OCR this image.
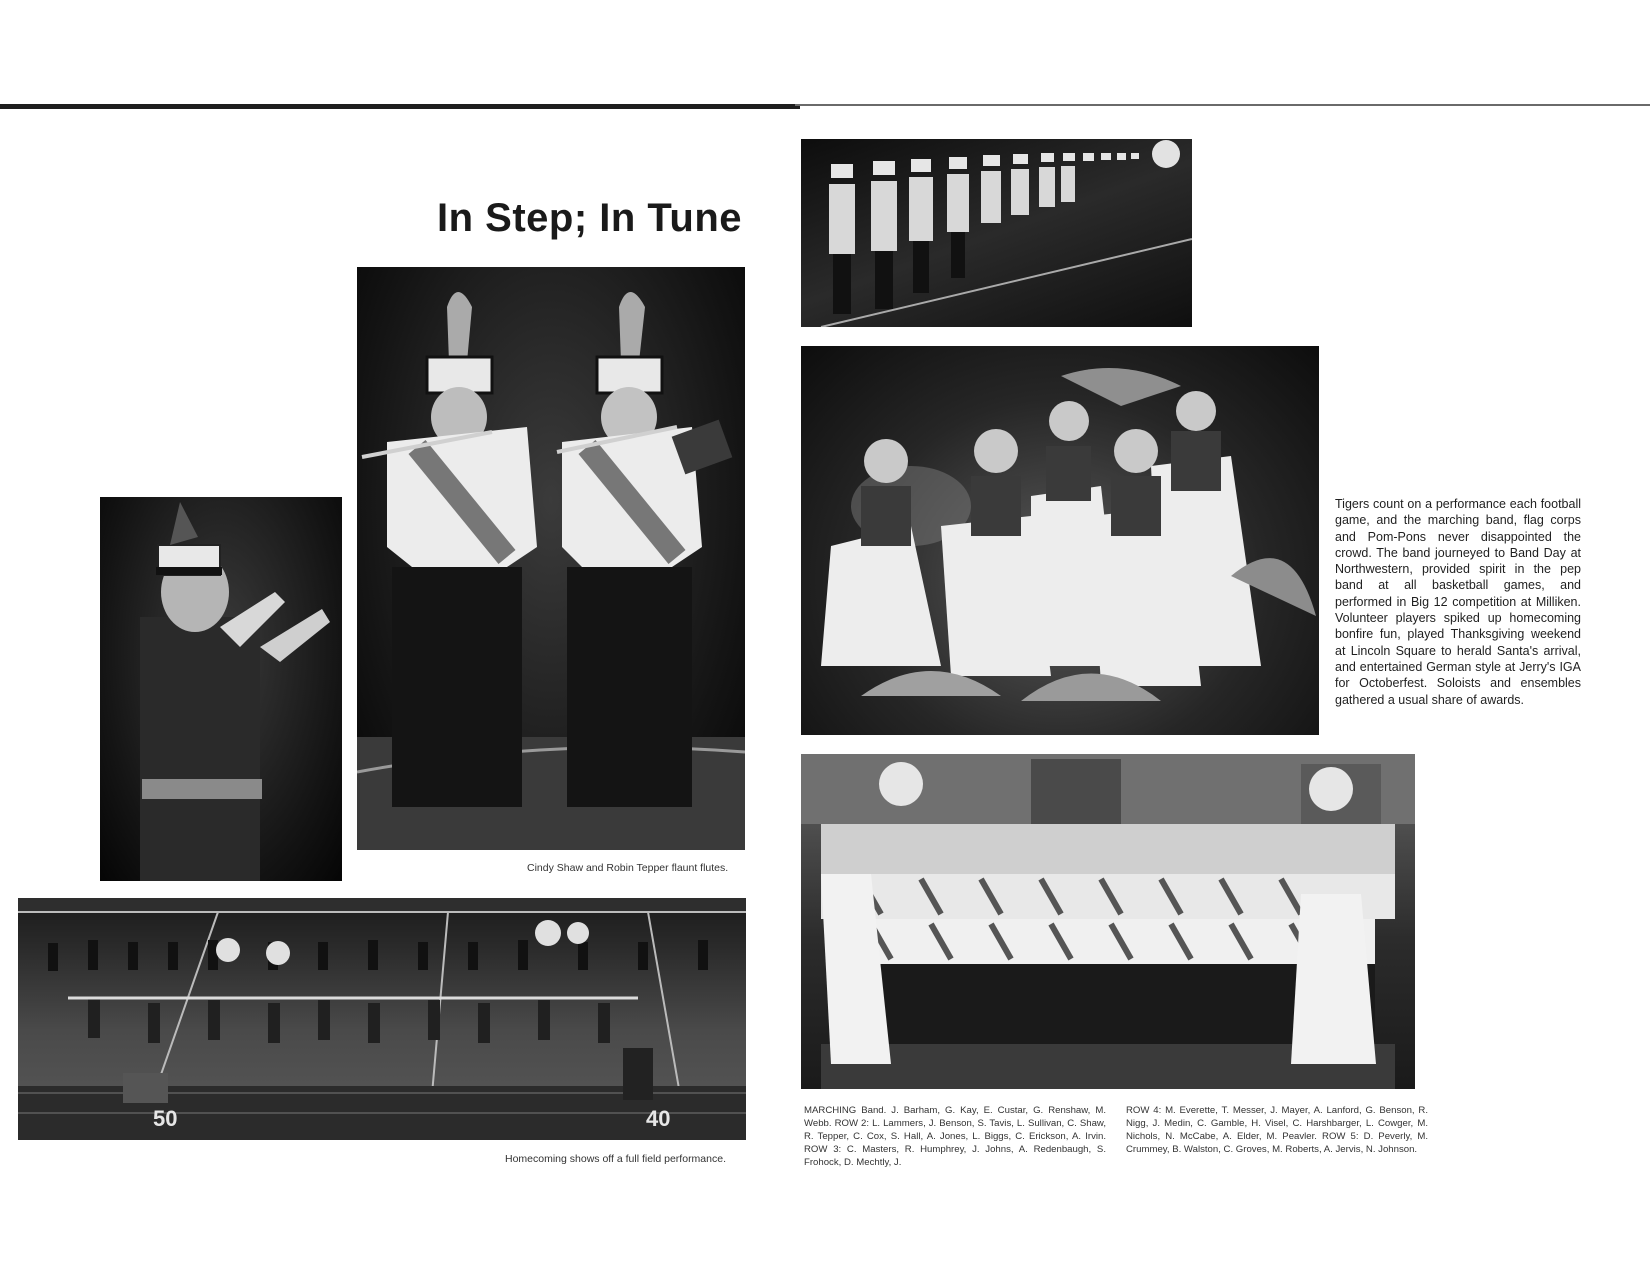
In Step; In Tune

Cindy Shaw and Robin Tepper flaunt flutes.

50	40

Homecoming shows off a full field performance.

Tigers count on a performance each football game, and the marching band, flag corps and Pom-Pons never disappointed the crowd. The band journeyed to Band Day at Northwestern, provided spirit in the pep band at all basketball games, and performed in Big 12 competition at Milliken. Volunteer players spiked up homecoming bonfire fun, played Thanksgiving weekend at Lincoln Square to herald Santa's arrival, and entertained German style at Jerry's IGA for Octoberfest. Soloists and ensembles gathered a usual share of awards.

MARCHING Band. J. Barham, G. Kay, E. Custar, G. Renshaw, M. Webb. ROW 2: L. Lammers, J. Benson, S. Tavis, L. Sullivan, C. Shaw, R. Tepper, C. Cox, S. Hall, A. Jones, L. Biggs, C. Erickson, A. Irvin. ROW 3: C. Masters, R. Humphrey, J. Johns, A. Redenbaugh, S. Frohock, D. Mechtly, J.

ROW 4: M. Everette, T. Messer, J. Mayer, A. Lanford, G. Benson, R. Nigg, J. Medin, C. Gamble, H. Visel, C. Harshbarger, L. Cowger, M. Nichols, N. McCabe, A. Elder, M. Peavler. ROW 5: D. Peverly, M. Crummey, B. Walston, C. Groves, M. Roberts, A. Jervis, N. Johnson.
